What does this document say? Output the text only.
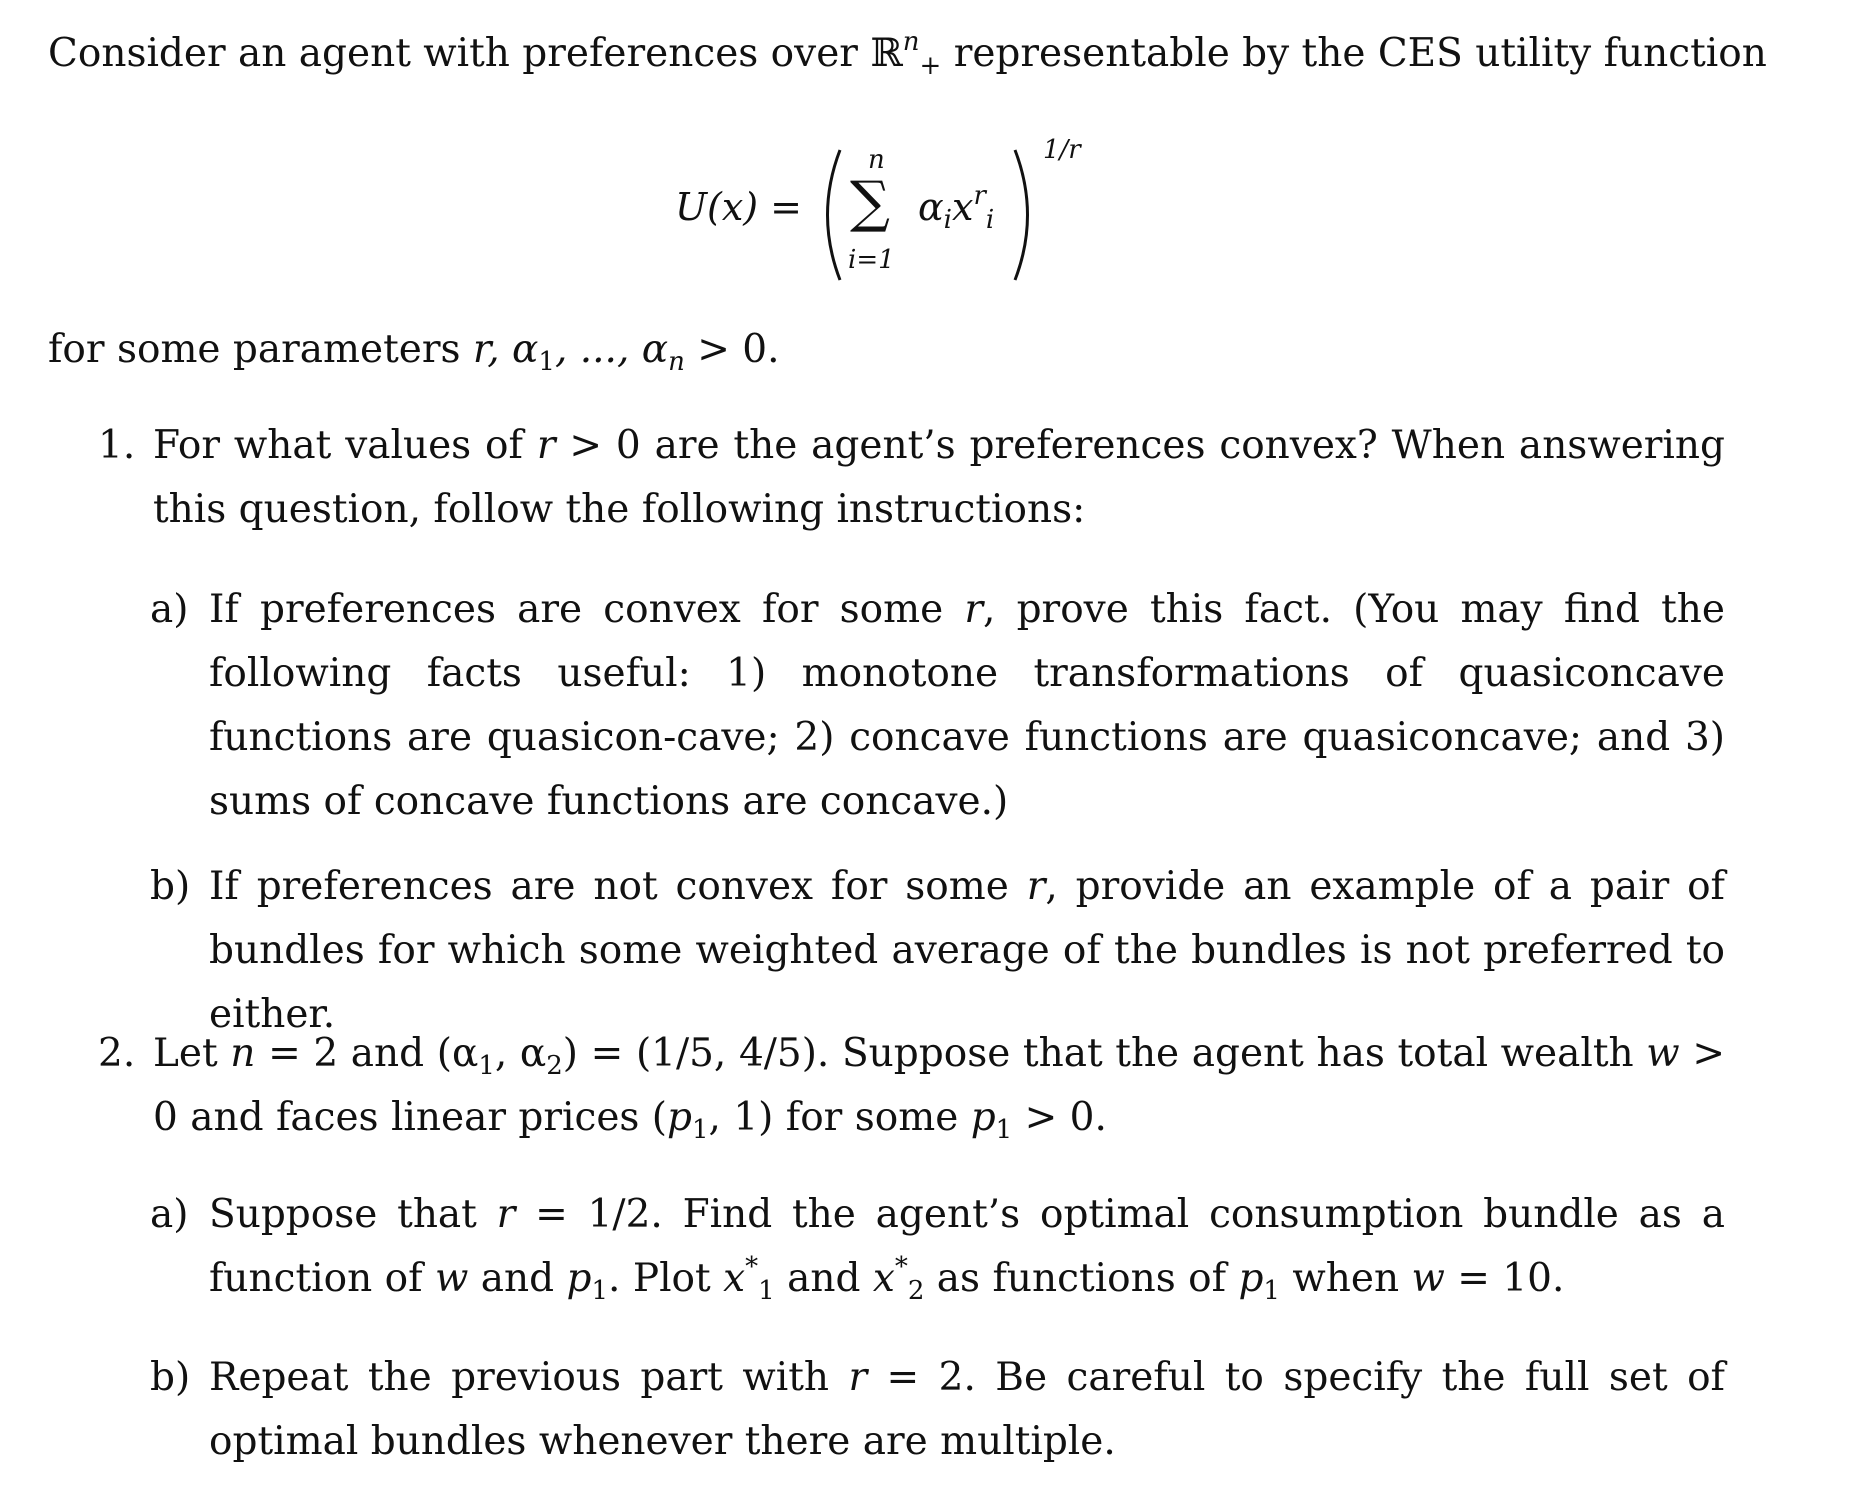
Consider an agent with preferences over ℝ$^n_+$ representable by the CES utility function
U(x) =
n
∑
i=1
$\alpha_ix^r_i$
1/r
for some parameters r, $\alpha_1$, ..., $\alpha_n > 0$.
1. For what values of r > 0 are the agent’s preferences convex? When answering this question, follow the following instructions:
a) If preferences are convex for some r, prove this fact. (You may find the following facts useful: 1) monotone transformations of quasiconcave functions are quasicon-cave; 2) concave functions are quasiconcave; and 3) sums of concave functions are concave.)
b) If preferences are not convex for some r, provide an example of a pair of bundles for which some weighted average of the bundles is not preferred to either.
2. Let n = 2 and ($\alpha_1$, $\alpha_2) = (1/5$, 4/5). Suppose that the agent has total wealth w > 0 and faces linear prices ($p_1$, 1) for some $p_1 > 0$.
a) Suppose that r = 1/2. Find the agent’s optimal consumption bundle as a function of w and $p_1$. Plot $x^*_1$ and $x^*_2$ as functions of $p_1$ when w = 10.
b) Repeat the previous part with r = 2. Be careful to specify the full set of optimal bundles whenever there are multiple.
